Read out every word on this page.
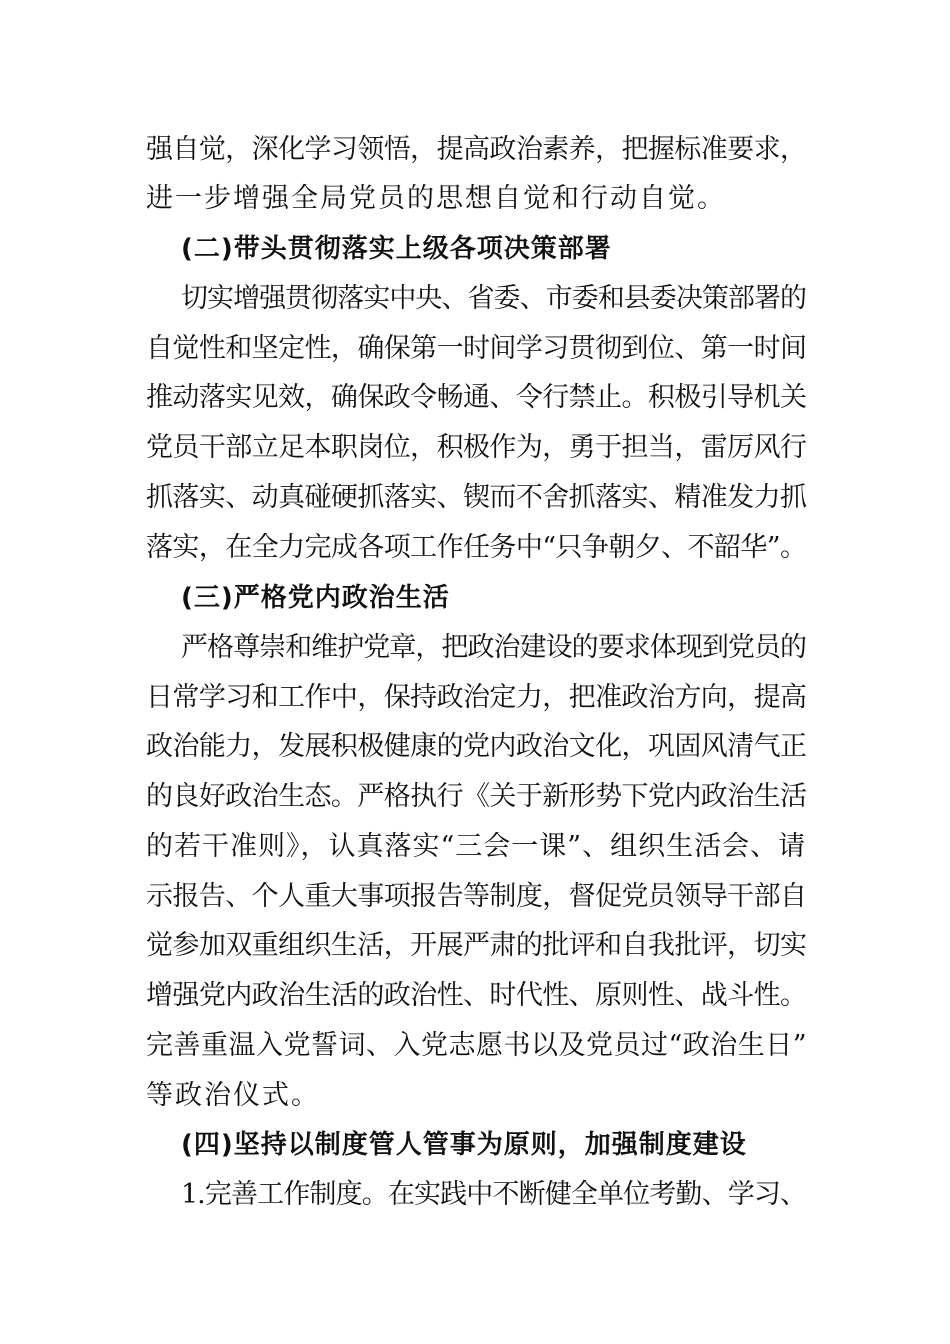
强自觉，深化学习领悟，提高政治素养，把握标准要求，
进一步增强全局党员的思想自觉和行动自觉。
(二)带头贯彻落实上级各项决策部署
切实增强贯彻落实中央、省委、市委和县委决策部署的
自觉性和坚定性，确保第一时间学习贯彻到位、第一时间
推动落实见效，确保政令畅通、令行禁止。积极引导机关
党员干部立足本职岗位，积极作为，勇于担当，雷厉风行
抓落实、动真碰硬抓落实、锲而不舍抓落实、精准发力抓
落实，在全力完成各项工作任务中“只争朝夕、不韶华”。
(三)严格党内政治生活
严格尊崇和维护党章，把政治建设的要求体现到党员的
日常学习和工作中，保持政治定力，把准政治方向，提高
政治能力，发展积极健康的党内政治文化，巩固风清气正
的良好政治生态。严格执行《关于新形势下党内政治生活
的若干准则》，认真落实“三会一课”、组织生活会、请
示报告、个人重大事项报告等制度，督促党员领导干部自
觉参加双重组织生活，开展严肃的批评和自我批评，切实
增强党内政治生活的政治性、时代性、原则性、战斗性。
完善重温入党誓词、入党志愿书以及党员过“政治生日”
等政治仪式。
(四)坚持以制度管人管事为原则，加强制度建设
1.完善工作制度。在实践中不断健全单位考勤、学习、
